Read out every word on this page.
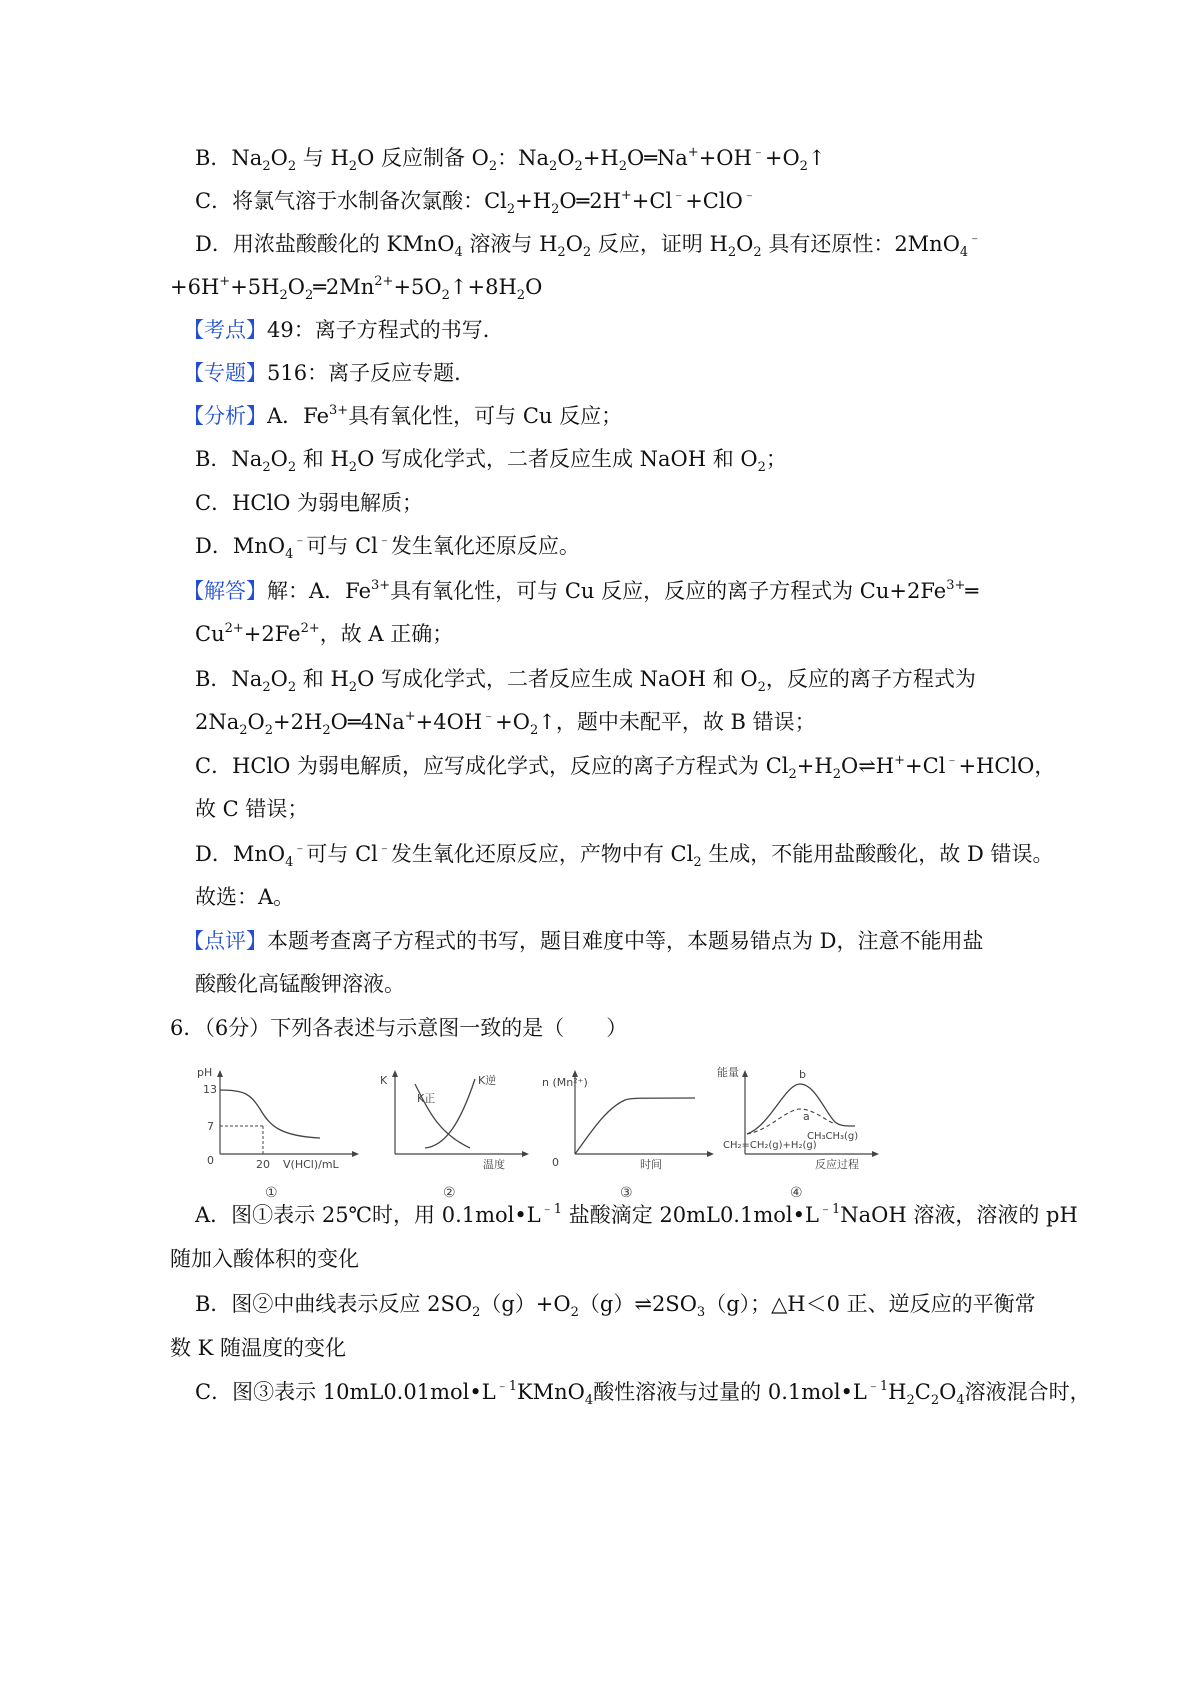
B．$Na_2O_2$ 与 $H_2O$ 反应制备 $O_2$：$Na_2O_2+H_2O═Na^++OH^﹣+O_2↑$
C．将氯气溶于水制备次氯酸：$Cl_2+H_2O═2H^++Cl^﹣+ClO^﹣$
D．用浓盐酸酸化的 KMnO$_4$ 溶液与 $H_2O_2$ 反应，证明 $H_2O_2$ 具有还原性：2MnO$_4$﹣
$+6H^++5H_2O_2═2Mn^{2+}+5O_2↑+8H_2O$
【考点】49：离子方程式的书写．
【专题】516：离子反应专题．
【分析】A．$Fe^{3+}$具有氧化性，可与 Cu 反应；
B．$Na_2O_2$ 和 $H_2O$ 写成化学式，二者反应生成 NaOH 和 $O_2$；
C．HClO 为弱电解质；
D．MnO$_4$﹣可与 Cl﹣发生氧化还原反应。
【解答】解：A．$Fe^{3+}$具有氧化性，可与 Cu 反应，反应的离子方程式为 $Cu+2Fe^{3+}═$
$Cu^{2+}+2Fe^{2+}$，故 A 正确；
B．$Na_2O_2$ 和 $H_2O$ 写成化学式，二者反应生成 NaOH 和 $O_2$，反应的离子方程式为
$2Na_2O_2+2H_2O═4Na^++4OH^﹣+O_2↑$，题中未配平，故 B 错误；
C．HClO 为弱电解质，应写成化学式，反应的离子方程式为 $Cl_2+H_2O\rightleftharpoons H^++Cl^﹣+HClO$，
故 C 错误；
D．MnO$_4$﹣可与 Cl﹣发生氧化还原反应，产物中有 $Cl_2$ 生成，不能用盐酸酸化，故 D 错误。
故选：A。
【点评】本题考查离子方程式的书写，题目难度中等，本题易错点为 D，注意不能用盐
酸酸化高锰酸钾溶液。
6．（6分）下列各表述与示意图一致的是（　　）
pH
13
7
0	20 V(HCl)/mL
①
K
K正
K逆
温度
②
n (Mn²⁺)
0	时间
③
能量	b
a
CH₃CH₃(g)
CH₂=CH₂(g)+H₂(g)
反应过程
④
A．图①表示 25℃时，用 $0.1mol•L^{﹣1}$ 盐酸滴定 $20mL0.1mol•L^{﹣1}NaOH$ 溶液，溶液的 pH
随加入酸体积的变化
B．图②中曲线表示反应 $2SO_2(g)+O_2(g)\rightleftharpoons 2SO_3(g)$；△H＜0 正、逆反应的平衡常
数 K 随温度的变化
C．图③表示 $10mL0.01mol•L^{﹣1}KMnO_4$酸性溶液与过量的 $0.1mol•L^{﹣1}H_2C_2O_4$溶液混合时，
